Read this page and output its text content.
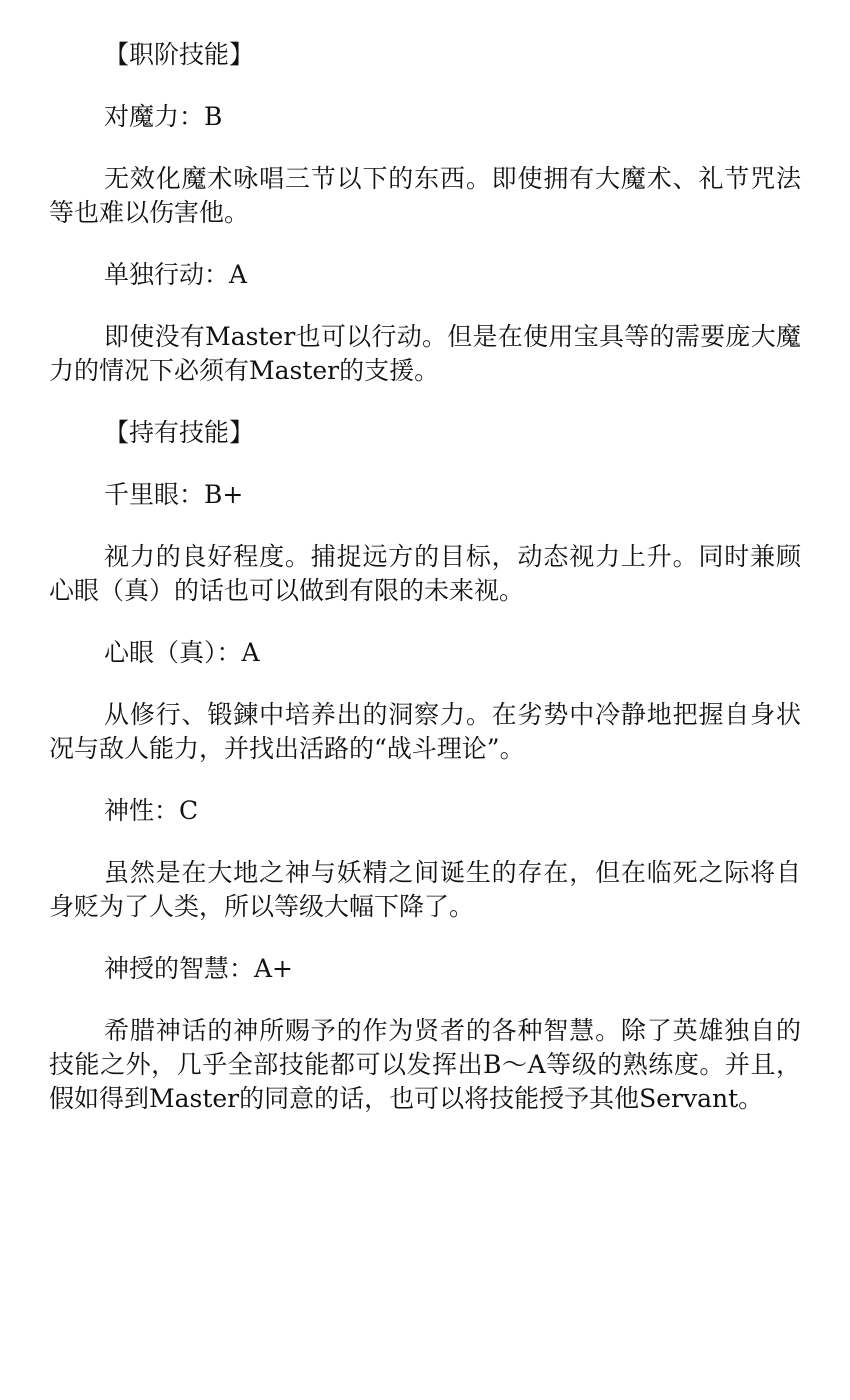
【职阶技能】

对魔力：B

无效化魔术咏唱三节以下的东西。即使拥有大魔术、礼节咒法等也难以伤害他。

单独行动：A

即使没有Master也可以行动。但是在使用宝具等的需要庞大魔力的情况下必须有Master的支援。

【持有技能】

千里眼：B+

视力的良好程度。捕捉远方的目标，动态视力上升。同时兼顾心眼（真）的话也可以做到有限的未来视。

心眼（真）：A

从修行、锻鍊中培养出的洞察力。在劣势中冷静地把握自身状况与敌人能力，并找出活路的“战斗理论”。

神性：C

虽然是在大地之神与妖精之间诞生的存在，但在临死之际将自身贬为了人类，所以等级大幅下降了。

神授的智慧：A+

希腊神话的神所赐予的作为贤者的各种智慧。除了英雄独自的技能之外，几乎全部技能都可以发挥出B～A等级的熟练度。并且，假如得到Master的同意的话，也可以将技能授予其他Servant。
